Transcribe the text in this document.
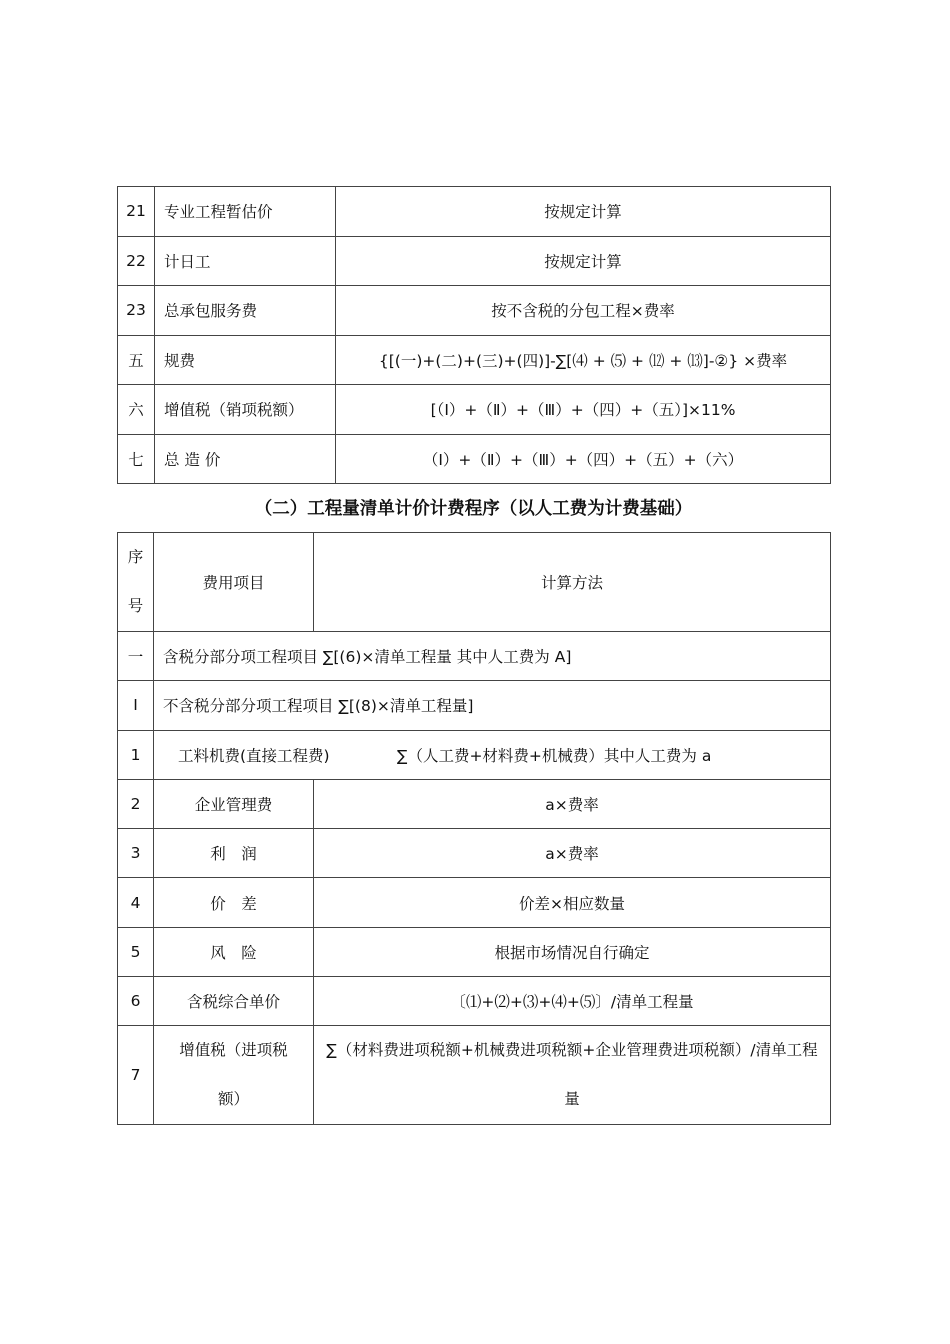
21	专业工程暂估价	按规定计算
22	计日工	按规定计算
23	总承包服务费	按不含税的分包工程×费率
五	规费	{[(一)+(二)+(三)+(四)]-∑[⑷ + ⑸ + ⑿ + ⒀]-②} ×费率
六	增值税（销项税额）	[（Ⅰ）+（Ⅱ）+（Ⅲ）+（四）+（五）]×11%
七	总 造 价	（Ⅰ）+（Ⅱ）+（Ⅲ）+（四）+（五）+（六）
（二）工程量清单计价计费程序（以人工费为计费基础）
序号	费用项目	计算方法
一	含税分部分项工程项目 ∑[(6)×清单工程量 其中人工费为 A]	
I	不含税分部分项工程项目 ∑[(8)×清单工程量]	
1	工料机费(直接工程费) ∑（人工费+材料费+机械费）其中人工费为 a	

2	企业管理费	a×费率
3	利　润	a×费率
4	价　差	价差×相应数量
5	风　险	根据市场情况自行确定
6	含税综合单价	〔⑴+⑵+⑶+⑷+⑸〕/清单工程量
7	增值税（进项税额）	∑（材料费进项税额+机械费进项税额+企业管理费进项税额）/清单工程量
